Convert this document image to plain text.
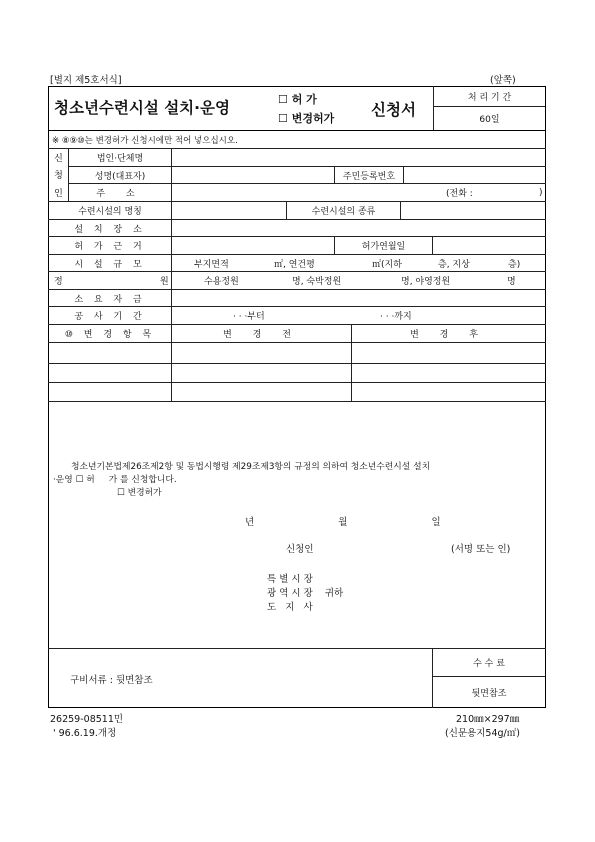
[별지 제5호서식]	(앞쪽)
청소년수련시설 설치·운영	☐ 허 가
☐ 변경허가 신청서
처 리 기 간
60일
※ ⑧⑨⑩는 변경허가 신청시에만 적어 넣으십시오.
신
청
인
법인·단체명
성명(대표자)	주민등록번호
주 소	(전화 :	)
수련시설의 명칭	수련시설의 종류
설 치 장 소
허 가 근 거	허가연월일
시 설 규 모	부지면적	㎡, 연건평	㎡(지하	층, 지상	층)
정	원	수용정원	명, 숙박정원	명, 야영정원	명
소 요 자 금
공 사 기 간	· · ·부터	· · ·까지
⑩ 변 경 항 목	변 경 전	변 경 후
청소년기본법제26조제2항 및 동법시행령 제29조제3항의 규정의 의하여 청소년수련시설 설치
·운영 ☐ 허     가 를 신청합니다.
☐ 변경허가
년    월    일
신청인	(서명 또는 인)
특 별 시 장
광 역 시 장    귀하
도   지   사
구비서류 : 뒷면참조
수 수 료
뒷면참조
26259-08511민
' 96.6.19.개정
210㎜×297㎜
(신문용지54g/㎡)
